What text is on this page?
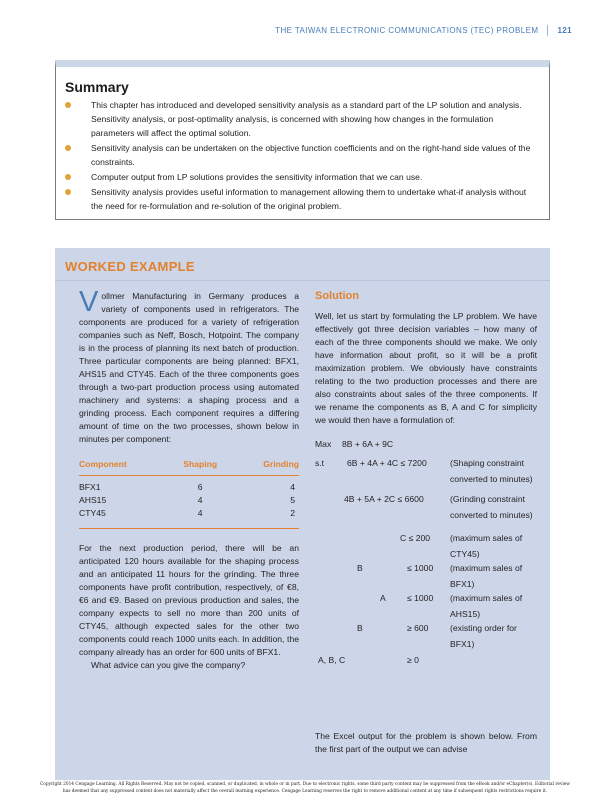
THE TAIWAN ELECTRONIC COMMUNICATIONS (TEC) PROBLEM 121
Summary
This chapter has introduced and developed sensitivity analysis as a standard part of the LP solution and analysis. Sensitivity analysis, or post-optimality analysis, is concerned with showing how changes in the formulation parameters will affect the optimal solution.
Sensitivity analysis can be undertaken on the objective function coefficients and on the right-hand side values of the constraints.
Computer output from LP solutions provides the sensitivity information that we can use.
Sensitivity analysis provides useful information to management allowing them to undertake what-if analysis without the need for re-formulation and re-solution of the original problem.
WORKED EXAMPLE

Vollmer Manufacturing in Germany produces a variety of components used in refrigerators. The components are produced for a variety of refrigeration companies such as Neff, Bosch, Hotpoint. The company is in the process of planning its next batch of production. Three particular components are being planned: BFX1, AHS15 and CTY45. Each of the three components goes through a two-part production process using automated machinery and systems: a shaping process and a grinding process. Each component requires a differing amount of time on the two processes, shown below in minutes per component:

Component	Shaping	Grinding
BFX1	6	4
AHS15	4	5
CTY45	4	2

For the next production period, there will be an anticipated 120 hours available for the shaping process and an anticipated 11 hours for the grinding. The three components have profit contribution, respectively, of €8, €6 and €9. Based on previous production and sales, the company expects to sell no more than 200 units of CTY45, although expected sales for the other two components could reach 1000 units each. In addition, the company already has an order for 600 units of BFX1.

What advice can you give the company?

Solution

Well, let us start by formulating the LP problem. We have effectively got three decision variables – how many of each of the three components should we make. We only have information about profit, so it will be a profit maximization problem. We obviously have constraints relating to the two production processes and there are also constraints about sales of the three components. If we rename the components as B, A and C for simplicity we would then have a formulation of:

Max 8B + 6A + 9C
s.t	6B + 4A + 4C ≤ 7200	(Shaping constraint
converted to minutes)
4B + 5A + 2C ≤ 6600	(Grinding constraint
converted to minutes)
C ≤ 200 (maximum sales of
CTY45)
B	≤ 1000 (maximum sales of
BFX1)
A ≤ 1000 (maximum sales of
AHS15)
B	≥ 600	(existing order for
BFX1)
A, B, C	≥ 0

The Excel output for the problem is shown below. From the first part of the output we can advise

Copyright 2014 Cengage Learning. All Rights Reserved. May not be copied, scanned, or duplicated, in whole or in part. Due to electronic rights, some third party content may be suppressed from the eBook and/or eChapter(s). Editorial review has deemed that any suppressed content does not materially affect the overall learning experience. Cengage Learning reserves the right to remove additional content at any time if subsequent rights restrictions require it.
